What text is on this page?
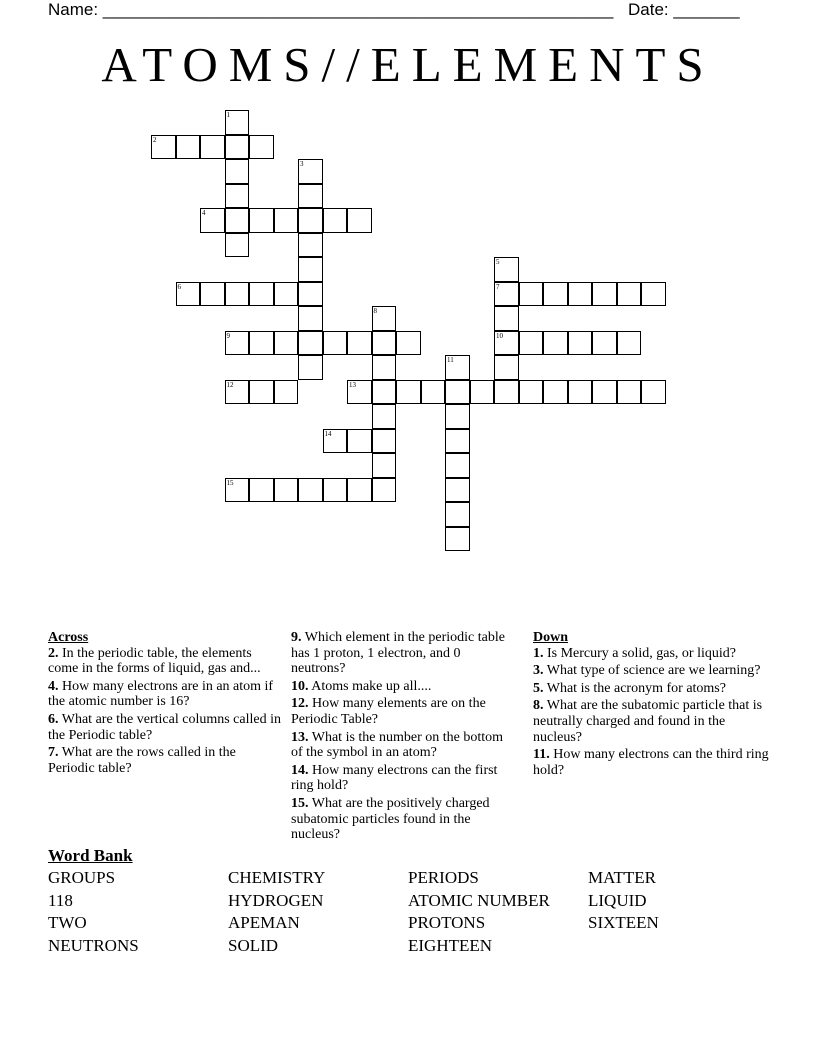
Name: ______________________________________________________ Date: _______
ATOMS//ELEMENTS
1
2
3
4
5
7
10
6
8
9
11
12	13
14
15
Across
2. In the periodic table, the elements come in the forms of liquid, gas and...
4. How many electrons are in an atom if the atomic number is 16?
6. What are the vertical columns called in the Periodic table?
7. What are the rows called in the Periodic table?
9. Which element in the periodic table has 1 proton, 1 electron, and 0 neutrons?
10. Atoms make up all....
12. How many elements are on the Periodic Table?
13. What is the number on the bottom of the symbol in an atom?
14. How many electrons can the first ring hold?
15. What are the positively charged subatomic particles found in the nucleus?
Down
1. Is Mercury a solid, gas, or liquid?
3. What type of science are we learning?
5. What is the acronym for atoms?
8. What are the subatomic particle that is neutrally charged and found in the nucleus?
11. How many electrons can the third ring hold?
Word Bank
GROUPS
118
TWO
NEUTRONS
CHEMISTRY
HYDROGEN
APEMAN
SOLID
PERIODS
ATOMIC NUMBER
PROTONS
EIGHTEEN
MATTER
LIQUID
SIXTEEN
